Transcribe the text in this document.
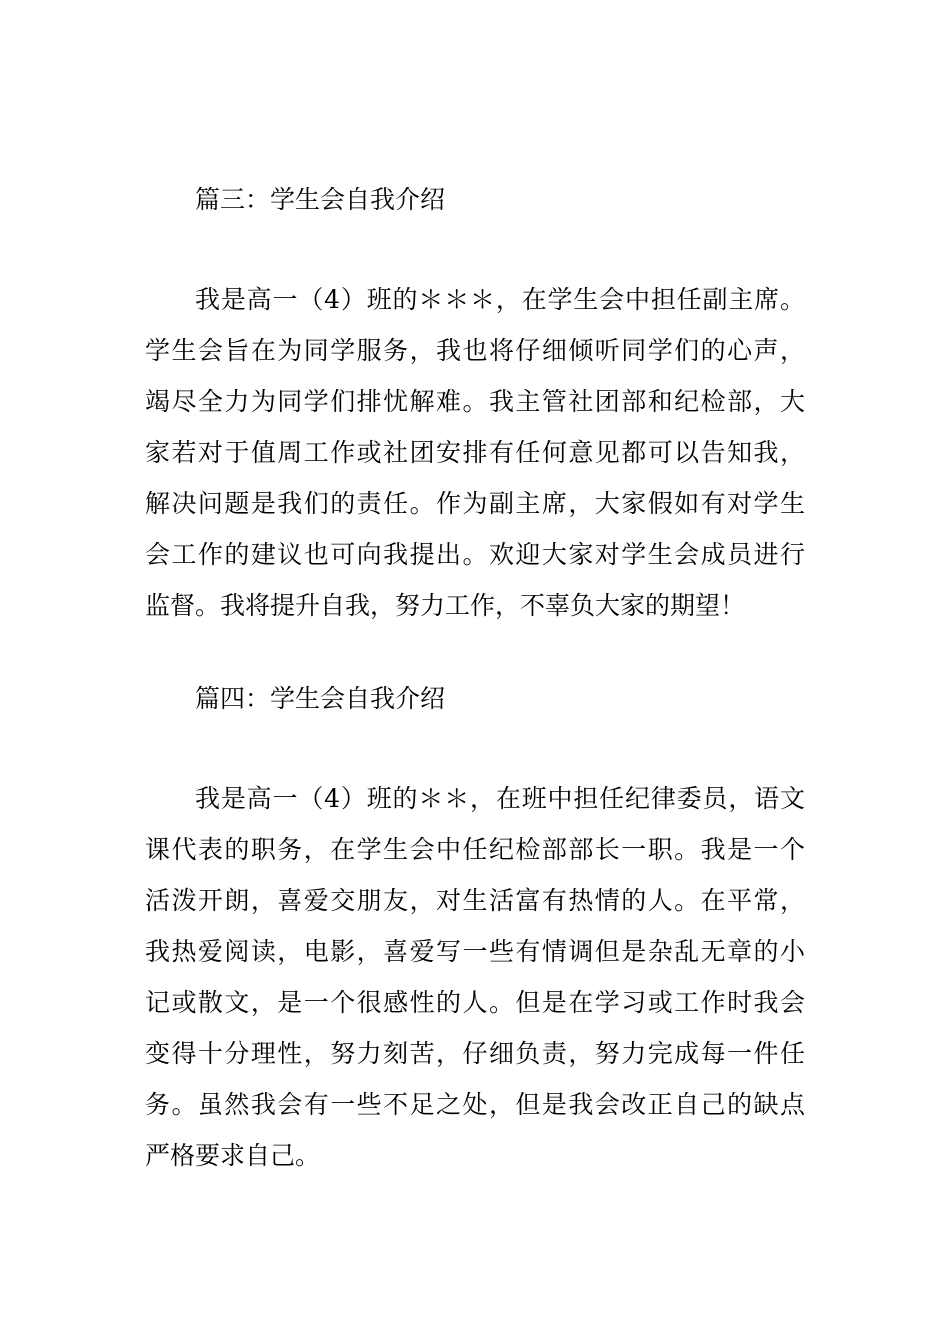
篇三：学生会自我介绍
我是高一（4）班的＊＊＊，在学生会中担任副主席。
学生会旨在为同学服务，我也将仔细倾听同学们的心声，
竭尽全力为同学们排忧解难。我主管社团部和纪检部，大
家若对于值周工作或社团安排有任何意见都可以告知我，
解决问题是我们的责任。作为副主席，大家假如有对学生
会工作的建议也可向我提出。欢迎大家对学生会成员进行
监督。我将提升自我，努力工作，不辜负大家的期望！
篇四：学生会自我介绍
我是高一（4）班的＊＊，在班中担任纪律委员，语文
课代表的职务，在学生会中任纪检部部长一职。我是一个
活泼开朗，喜爱交朋友，对生活富有热情的人。在平常，
我热爱阅读，电影，喜爱写一些有情调但是杂乱无章的小
记或散文，是一个很感性的人。但是在学习或工作时我会
变得十分理性，努力刻苦，仔细负责，努力完成每一件任
务。虽然我会有一些不足之处，但是我会改正自己的缺点
严格要求自己。
